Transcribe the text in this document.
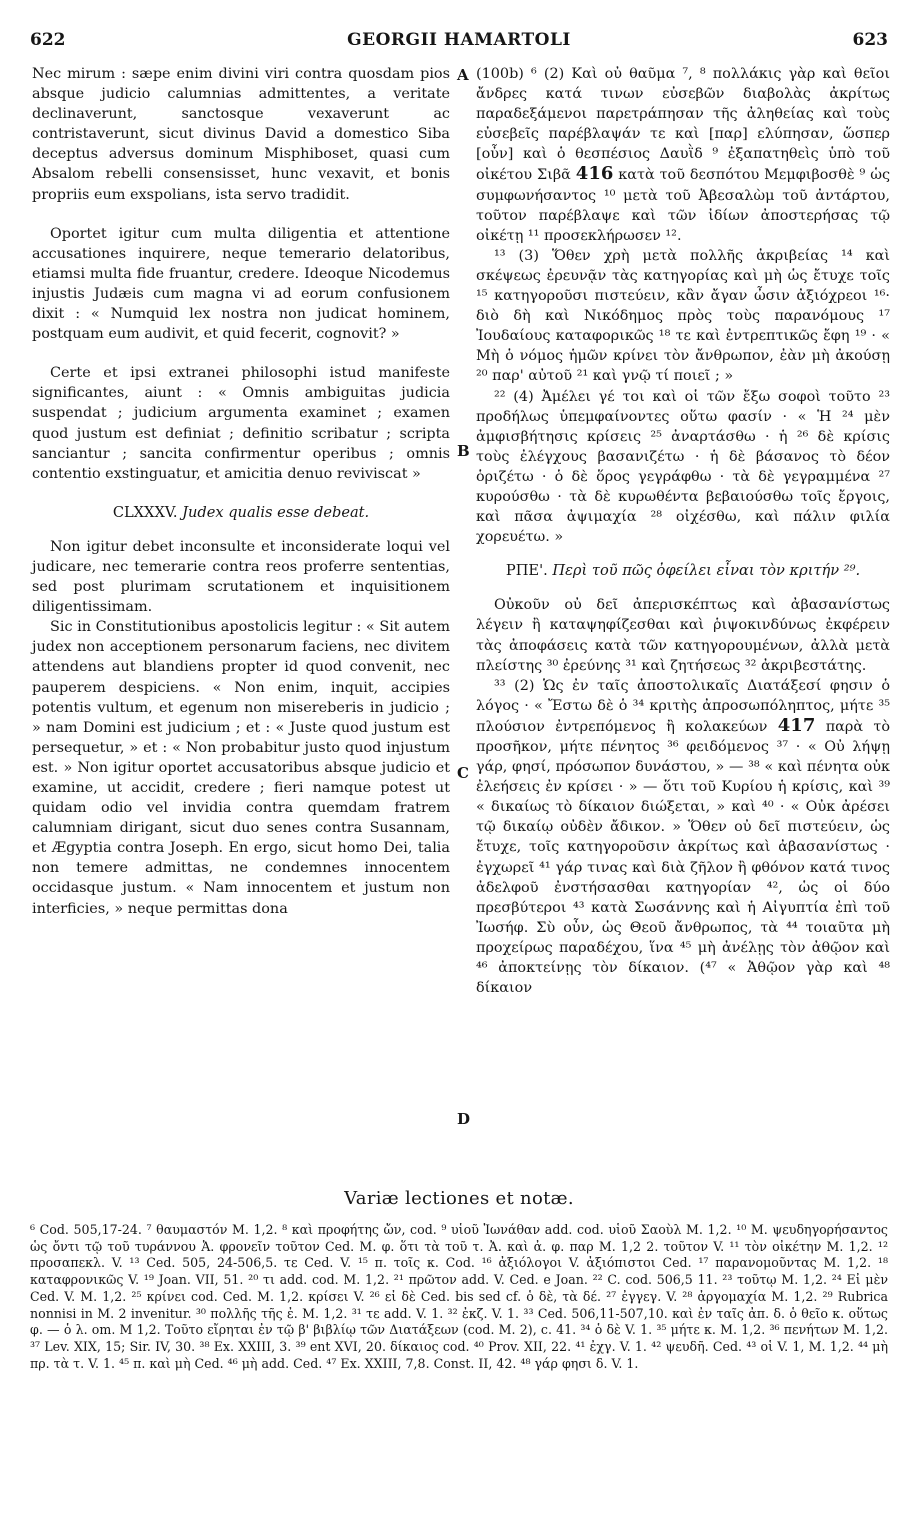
622	GEORGII HAMARTOLI	623
A
B
C
D

Nec mirum : sæpe enim divini viri contra quosdam pios absque judicio calumnias admittentes, a veritate declinaverunt, sanctosque vexaverunt ac contristaverunt, sicut divinus David a domestico Siba deceptus adversus dominum Misphiboset, quasi cum Absalom rebelli consensisset, hunc vexavit, et bonis propriis eum exspolians, ista servo tradidit.

Oportet igitur cum multa diligentia et attentione accusationes inquirere, neque temerario delatoribus, etiamsi multa fide fruantur, credere. Ideoque Nicodemus injustis Judæis cum magna vi ad eorum confusionem dixit : « Numquid lex nostra non judicat hominem, postquam eum audivit, et quid fecerit, cognovit? »

Certe et ipsi extranei philosophi istud manifeste significantes, aiunt : « Omnis ambiguitas judicia suspendat ; judicium argumenta examinet ; examen quod justum est definiat ; definitio scribatur ; scripta sanciantur ; sancita confirmentur operibus ; omnis contentio exstinguatur, et amicitia denuo reviviscat »

CLXXXV. Judex qualis esse debeat.

Non igitur debet inconsulte et inconsiderate loqui vel judicare, nec temerarie contra reos proferre sententias, sed post plurimam scrutationem et inquisitionem diligentissimam.

Sic in Constitutionibus apostolicis legitur : « Sit autem judex non acceptionem personarum faciens, nec divitem attendens aut blandiens propter id quod convenit, nec pauperem despiciens. « Non enim, inquit, accipies potentis vultum, et egenum non misereberis in judicio ; » nam Domini est judicium ; et : « Juste quod justum est persequetur, » et : « Non probabitur justo quod injustum est. » Non igitur oportet accusatoribus absque judicio et examine, ut accidit, credere ; fieri namque potest ut quidam odio vel invidia contra quemdam fratrem calumniam dirigant, sicut duo senes contra Susannam, et Ægyptia contra Joseph. En ergo, sicut homo Dei, talia non temere admittas, ne condemnes innocentem occidasque justum. « Nam innocentem et justum non interficies, » neque permittas dona

(100b) ⁶ (2) Καὶ οὐ θαῦμα ⁷, ⁸ πολλάκις γὰρ καὶ θεῖοι ἄνδρες κατά τινων εὐσεβῶν διαβολὰς ἀκρίτως παραδεξάμενοι παρετράπησαν τῆς ἀληθείας καὶ τοὺς εὐσεβεῖς παρέβλαψάν τε καὶ [παρ] ελύπησαν, ὥσπερ [οὖν] καὶ ὁ θεσπέσιος Δαυῒδ ⁹ ἐξαπατηθεὶς ὑπὸ τοῦ οἰκέτου Σιβᾶ 416 κατὰ τοῦ δεσπότου Μεμφιβοσθὲ ⁹ ὡς συμφωνήσαντος ¹⁰ μετὰ τοῦ Ἀβεσαλὼμ τοῦ ἀντάρτου, τοῦτον παρέβλαψε καὶ τῶν ἰδίων ἀποστερήσας τῷ οἰκέτῃ ¹¹ προσεκλήρωσεν ¹².

¹³ (3) Ὅθεν χρὴ μετὰ πολλῆς ἀκριβείας ¹⁴ καὶ σκέψεως ἐρευνᾷν τὰς κατηγορίας καὶ μὴ ὡς ἔτυχε τοῖς ¹⁵ κατηγοροῦσι πιστεύειν, κἂν ἄγαν ὦσιν ἀξιόχρεοι ¹⁶· διὸ δὴ καὶ Νικόδημος πρὸς τοὺς παρανόμους ¹⁷ Ἰουδαίους καταφορικῶς ¹⁸ τε καὶ ἐντρεπτικῶς ἔφη ¹⁹ · « Μὴ ὁ νόμος ἡμῶν κρίνει τὸν ἄνθρωπον, ἐὰν μὴ ἀκούσῃ ²⁰ παρ' αὐτοῦ ²¹ καὶ γνῷ τί ποιεῖ ; »

²² (4) Ἀμέλει γέ τοι καὶ οἱ τῶν ἔξω σοφοὶ τοῦτο ²³ προδήλως ὑπεμφαίνοντες οὕτω φασίν · « Ἡ ²⁴ μὲν ἀμφισβήτησις κρίσεις ²⁵ ἀναρτάσθω · ἡ ²⁶ δὲ κρίσις τοὺς ἐλέγχους βασανιζέτω · ἡ δὲ βάσανος τὸ δέον ὁριζέτω · ὁ δὲ ὅρος γεγράφθω · τὰ δὲ γεγραμμένα ²⁷ κυρούσθω · τὰ δὲ κυρωθέντα βεβαιούσθω τοῖς ἔργοις, καὶ πᾶσα ἀψιμαχία ²⁸ οἰχέσθω, καὶ πάλιν φιλία χορευέτω. »

ΡΠΕ'. Περὶ τοῦ πῶς ὀφείλει εἶναι τὸν κριτήν ²⁹.

Οὐκοῦν οὐ δεῖ ἀπερισκέπτως καὶ ἀβασανίστως λέγειν ἢ καταψηφίζεσθαι καὶ ῥιψοκινδύνως ἐκφέρειν τὰς ἀποφάσεις κατὰ τῶν κατηγορουμένων, ἀλλὰ μετὰ πλείστης ³⁰ ἐρεύνης ³¹ καὶ ζητήσεως ³² ἀκριβεστάτης.

³³ (2) Ὡς ἐν ταῖς ἀποστολικαῖς Διατάξεσί φησιν ὁ λόγος · « Ἔστω δὲ ὁ ³⁴ κριτὴς ἀπροσωπόληπτος, μήτε ³⁵ πλούσιον ἐντρεπόμενος ἢ κολακεύων 417 παρὰ τὸ προσῆκον, μήτε πένητος ³⁶ φειδόμενος ³⁷ · « Οὐ λήψῃ γάρ, φησί, πρόσωπον δυνάστου, » — ³⁸ « καὶ πένητα οὐκ ἐλεήσεις ἐν κρίσει · » — ὅτι τοῦ Κυρίου ἡ κρίσις, καὶ ³⁹ « δικαίως τὸ δίκαιον διώξεται, » καὶ ⁴⁰ · « Οὐκ ἀρέσει τῷ δικαίῳ οὐδὲν ἄδικον. » Ὅθεν οὐ δεῖ πιστεύειν, ὡς ἔτυχε, τοῖς κατηγοροῦσιν ἀκρίτως καὶ ἀβασανίστως · ἐγχωρεῖ ⁴¹ γάρ τινας καὶ διὰ ζῆλον ἢ φθόνον κατά τινος ἀδελφοῦ ἐνστήσασθαι κατηγορίαν ⁴², ὡς οἱ δύο πρεσβύτεροι ⁴³ κατὰ Σωσάννης καὶ ἡ Αἰγυπτία ἐπὶ τοῦ Ἰωσήφ. Σὺ οὖν, ὡς Θεοῦ ἄνθρωπος, τὰ ⁴⁴ τοιαῦτα μὴ προχείρως παραδέχου, ἵνα ⁴⁵ μὴ ἀνέλῃς τὸν ἀθῷον καὶ ⁴⁶ ἀποκτείνῃς τὸν δίκαιον. (⁴⁷ « Ἀθῷον γὰρ καὶ ⁴⁸ δίκαιον

Variæ lectiones et notæ.

⁶ Cod. 505,17-24. ⁷ θαυμαστόν M. 1,2. ⁸ καὶ προφήτης ὤν, cod. ⁹ υἱοῦ Ἰωνάθαν add. cod. υἱοῦ Σαοὺλ M. 1,2. ¹⁰ M. ψευδηγορήσαντος ὡς ὄντι τῷ τοῦ τυράννου Ἀ. φρονεῖν τοῦτον Ced. M. φ. ὅτι τὰ τοῦ τ. Ἀ. καὶ ἀ. φ. παρ M. 1,2 2. τοῦτον V. ¹¹ τὸν οἰκέτην M. 1,2. ¹² προσαπεκλ. V. ¹³ Ced. 505, 24-506,5. τε Ced. V. ¹⁵ π. τοῖς κ. Cod. ¹⁶ ἀξιόλογοι V. ἀξιόπιστοι Ced. ¹⁷ παρανομοῦντας M. 1,2. ¹⁸ καταφρονικῶς V. ¹⁹ Joan. VII, 51. ²⁰ τι add. cod. M. 1,2. ²¹ πρῶτον add. V. Ced. e Joan. ²² C. cod. 506,5 11. ²³ τοῦτῳ M. 1,2. ²⁴ Εἰ μὲν Ced. V. M. 1,2. ²⁵ κρίνει cod. Ced. M. 1,2. κρίσει V. ²⁶ εἰ δὲ Ced. bis sed cf. ὁ δὲ, τὰ δέ. ²⁷ ἐγγεγ. V. ²⁸ ἀργομαχία M. 1,2. ²⁹ Rubrica nonnisi in M. 2 invenitur. ³⁰ πολλῆς τῆς ἐ. M. 1,2. ³¹ τε add. V. 1. ³² ἐκζ. V. 1. ³³ Ced. 506,11-507,10. καὶ ἐν ταῖς ἀπ. δ. ὁ θεῖο κ. οὕτως φ. — ὁ λ. om. M 1,2. Τοῦτο εἴρηται ἐν τῷ β' βιβλίῳ τῶν Διατάξεων (cod. M. 2), c. 41. ³⁴ ὁ δὲ V. 1. ³⁵ μήτε κ. M. 1,2. ³⁶ πενήτων M. 1,2. ³⁷ Lev. XIX, 15; Sir. IV, 30. ³⁸ Ex. XXIII, 3. ³⁹ ent XVI, 20. δίκαιος cod. ⁴⁰ Prov. XII, 22. ⁴¹ ἐχγ. V. 1. ⁴² ψευδῆ. Ced. ⁴³ οἱ V. 1, M. 1,2. ⁴⁴ μὴ πρ. τὰ τ. V. 1. ⁴⁵ π. καὶ μὴ Ced. ⁴⁶ μὴ add. Ced. ⁴⁷ Ex. XXIII, 7,8. Const. II, 42. ⁴⁸ γάρ φησι δ. V. 1.
